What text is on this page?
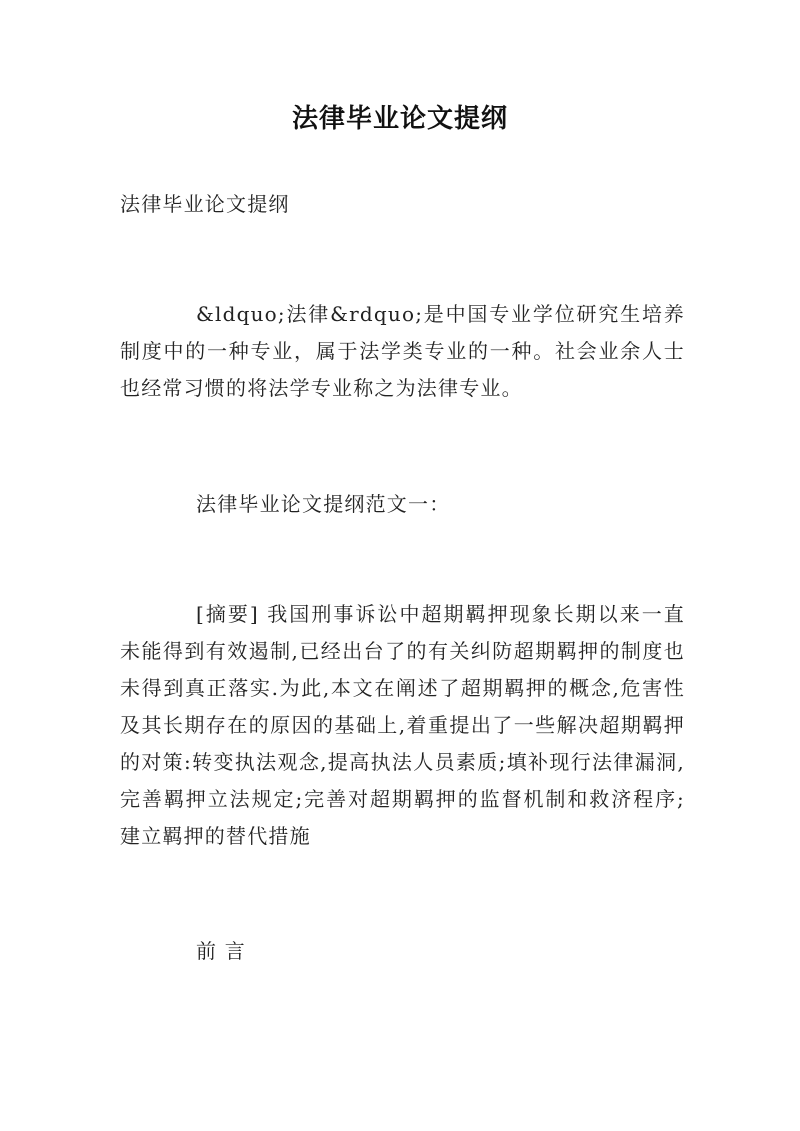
法律毕业论文提纲

法律毕业论文提纲

&ldquo;法律&rdquo;是中国专业学位研究生培养制度中的一种专业，属于法学类专业的一种。社会业余人士也经常习惯的将法学专业称之为法律专业。

法律毕业论文提纲范文一：

[摘要] 我国刑事诉讼中超期羁押现象长期以来一直未能得到有效遏制,已经出台了的有关纠防超期羁押的制度也未得到真正落实.为此,本文在阐述了超期羁押的概念,危害性及其长期存在的原因的基础上,着重提出了一些解决超期羁押的对策:转变执法观念,提高执法人员素质;填补现行法律漏洞,完善羁押立法规定;完善对超期羁押的监督机制和救济程序;建立羁押的替代措施

前 言
